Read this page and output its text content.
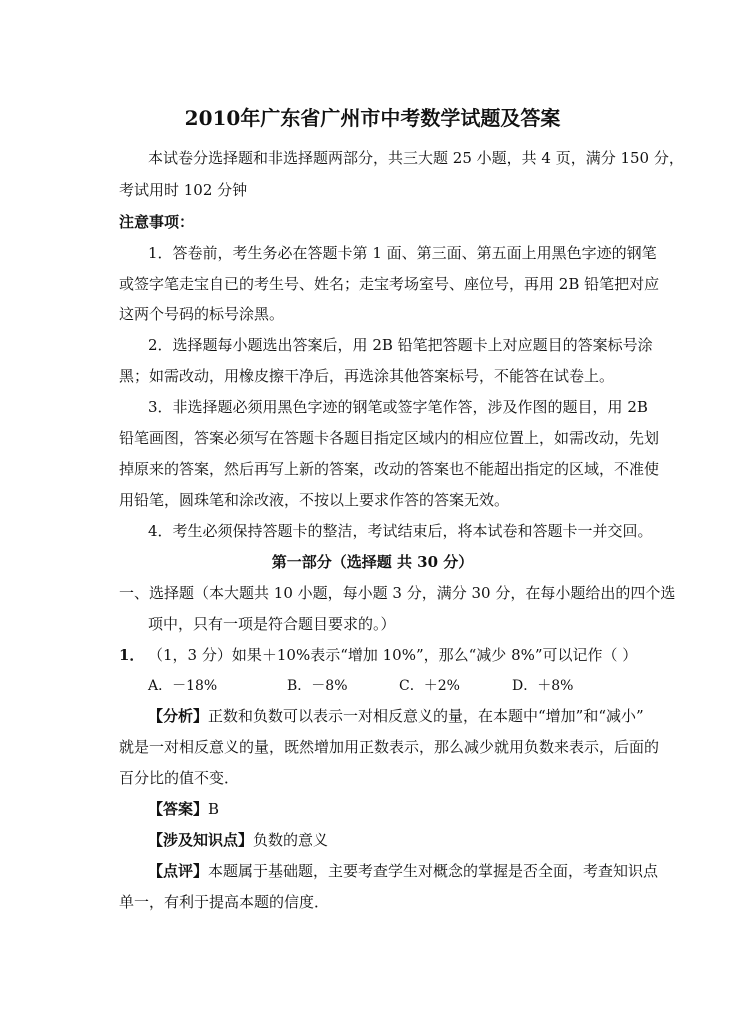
2010年广东省广州市中考数学试题及答案
本试卷分选择题和非选择题两部分，共三大题 25 小题，共 4 页，满分 150 分，
考试用时 102 分钟
注意事项：
1．答卷前，考生务必在答题卡第 1 面、第三面、第五面上用黑色字迹的钢笔
或签字笔走宝自已的考生号、姓名；走宝考场室号、座位号，再用 2B 铅笔把对应
这两个号码的标号涂黑。
2．选择题每小题选出答案后，用 2B 铅笔把答题卡上对应题目的答案标号涂
黑；如需改动，用橡皮擦干净后，再选涂其他答案标号，不能答在试卷上。
3．非选择题必须用黑色字迹的钢笔或签字笔作答，涉及作图的题目，用 2B
铅笔画图，答案必须写在答题卡各题目指定区域内的相应位置上，如需改动，先划
掉原来的答案，然后再写上新的答案，改动的答案也不能超出指定的区域，不准使
用铅笔，圆珠笔和涂改液，不按以上要求作答的答案无效。
4．考生必须保持答题卡的整洁，考试结束后，将本试卷和答题卡一并交回。
第一部分（选择题 共 30 分）
一、选择题（本大题共 10 小题，每小题 3 分，满分 30 分，在每小题给出的四个选
项中，只有一项是符合题目要求的。）
1． （1，3 分）如果＋10%表示“增加 10%”，那么“减少 8%”可以记作（ ）
A．－18%	B．－8%	C．＋2%	D．＋8%
【分析】正数和负数可以表示一对相反意义的量，在本题中“增加”和“减小”
就是一对相反意义的量，既然增加用正数表示，那么减少就用负数来表示，后面的
百分比的值不变．
【答案】B
【涉及知识点】负数的意义
【点评】本题属于基础题，主要考查学生对概念的掌握是否全面，考查知识点
单一，有利于提高本题的信度．
